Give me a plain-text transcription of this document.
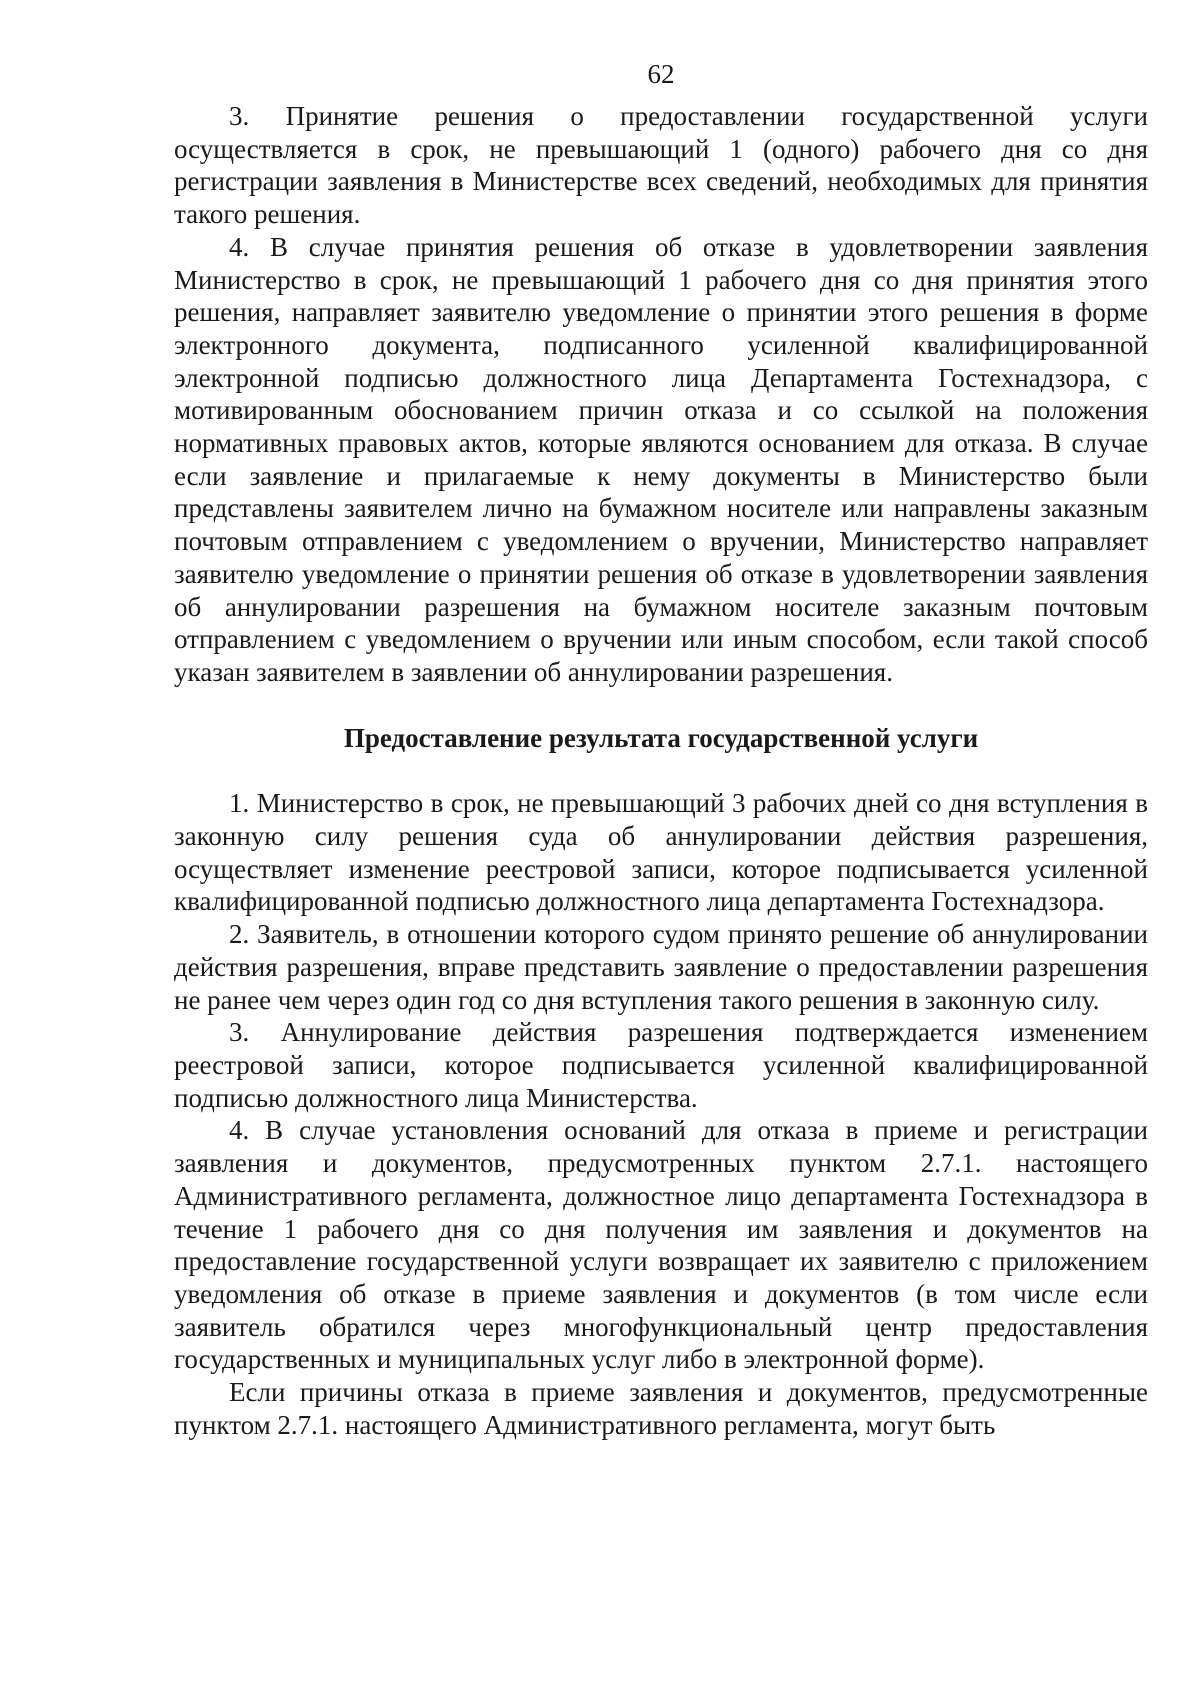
62

3. Принятие решения о предоставлении государственной услуги осуществляется в срок, не превышающий 1 (одного) рабочего дня со дня регистрации заявления в Министерстве всех сведений, необходимых для принятия такого решения.

4. В случае принятия решения об отказе в удовлетворении заявления Министерство в срок, не превышающий 1 рабочего дня со дня принятия этого решения, направляет заявителю уведомление о принятии этого решения в форме электронного документа, подписанного усиленной квалифицированной электронной подписью должностного лица Департамента Гостехнадзора, с мотивированным обоснованием причин отказа и со ссылкой на положения нормативных правовых актов, которые являются основанием для отказа. В случае если заявление и прилагаемые к нему документы в Министерство были представлены заявителем лично на бумажном носителе или направлены заказным почтовым отправлением с уведомлением о вручении, Министерство направляет заявителю уведомление о принятии решения об отказе в удовлетворении заявления об аннулировании разрешения на бумажном носителе заказным почтовым отправлением с уведомлением о вручении или иным способом, если такой способ указан заявителем в заявлении об аннулировании разрешения.

Предоставление результата государственной услуги

1. Министерство в срок, не превышающий 3 рабочих дней со дня вступления в законную силу решения суда об аннулировании действия разрешения, осуществляет изменение реестровой записи, которое подписывается усиленной квалифицированной подписью должностного лица департамента Гостехнадзора.

2. Заявитель, в отношении которого судом принято решение об аннулировании действия разрешения, вправе представить заявление о предоставлении разрешения не ранее чем через один год со дня вступления такого решения в законную силу.

3. Аннулирование действия разрешения подтверждается изменением реестровой записи, которое подписывается усиленной квалифицированной подписью должностного лица Министерства.

4. В случае установления оснований для отказа в приеме и регистрации заявления и документов, предусмотренных пунктом 2.7.1. настоящего Административного регламента, должностное лицо департамента Гостехнадзора в течение 1 рабочего дня со дня получения им заявления и документов на предоставление государственной услуги возвращает их заявителю с приложением уведомления об отказе в приеме заявления и документов (в том числе если заявитель обратился через многофункциональный центр предоставления государственных и муниципальных услуг либо в электронной форме).

Если причины отказа в приеме заявления и документов, предусмотренные пунктом 2.7.1. настоящего Административного регламента, могут быть
